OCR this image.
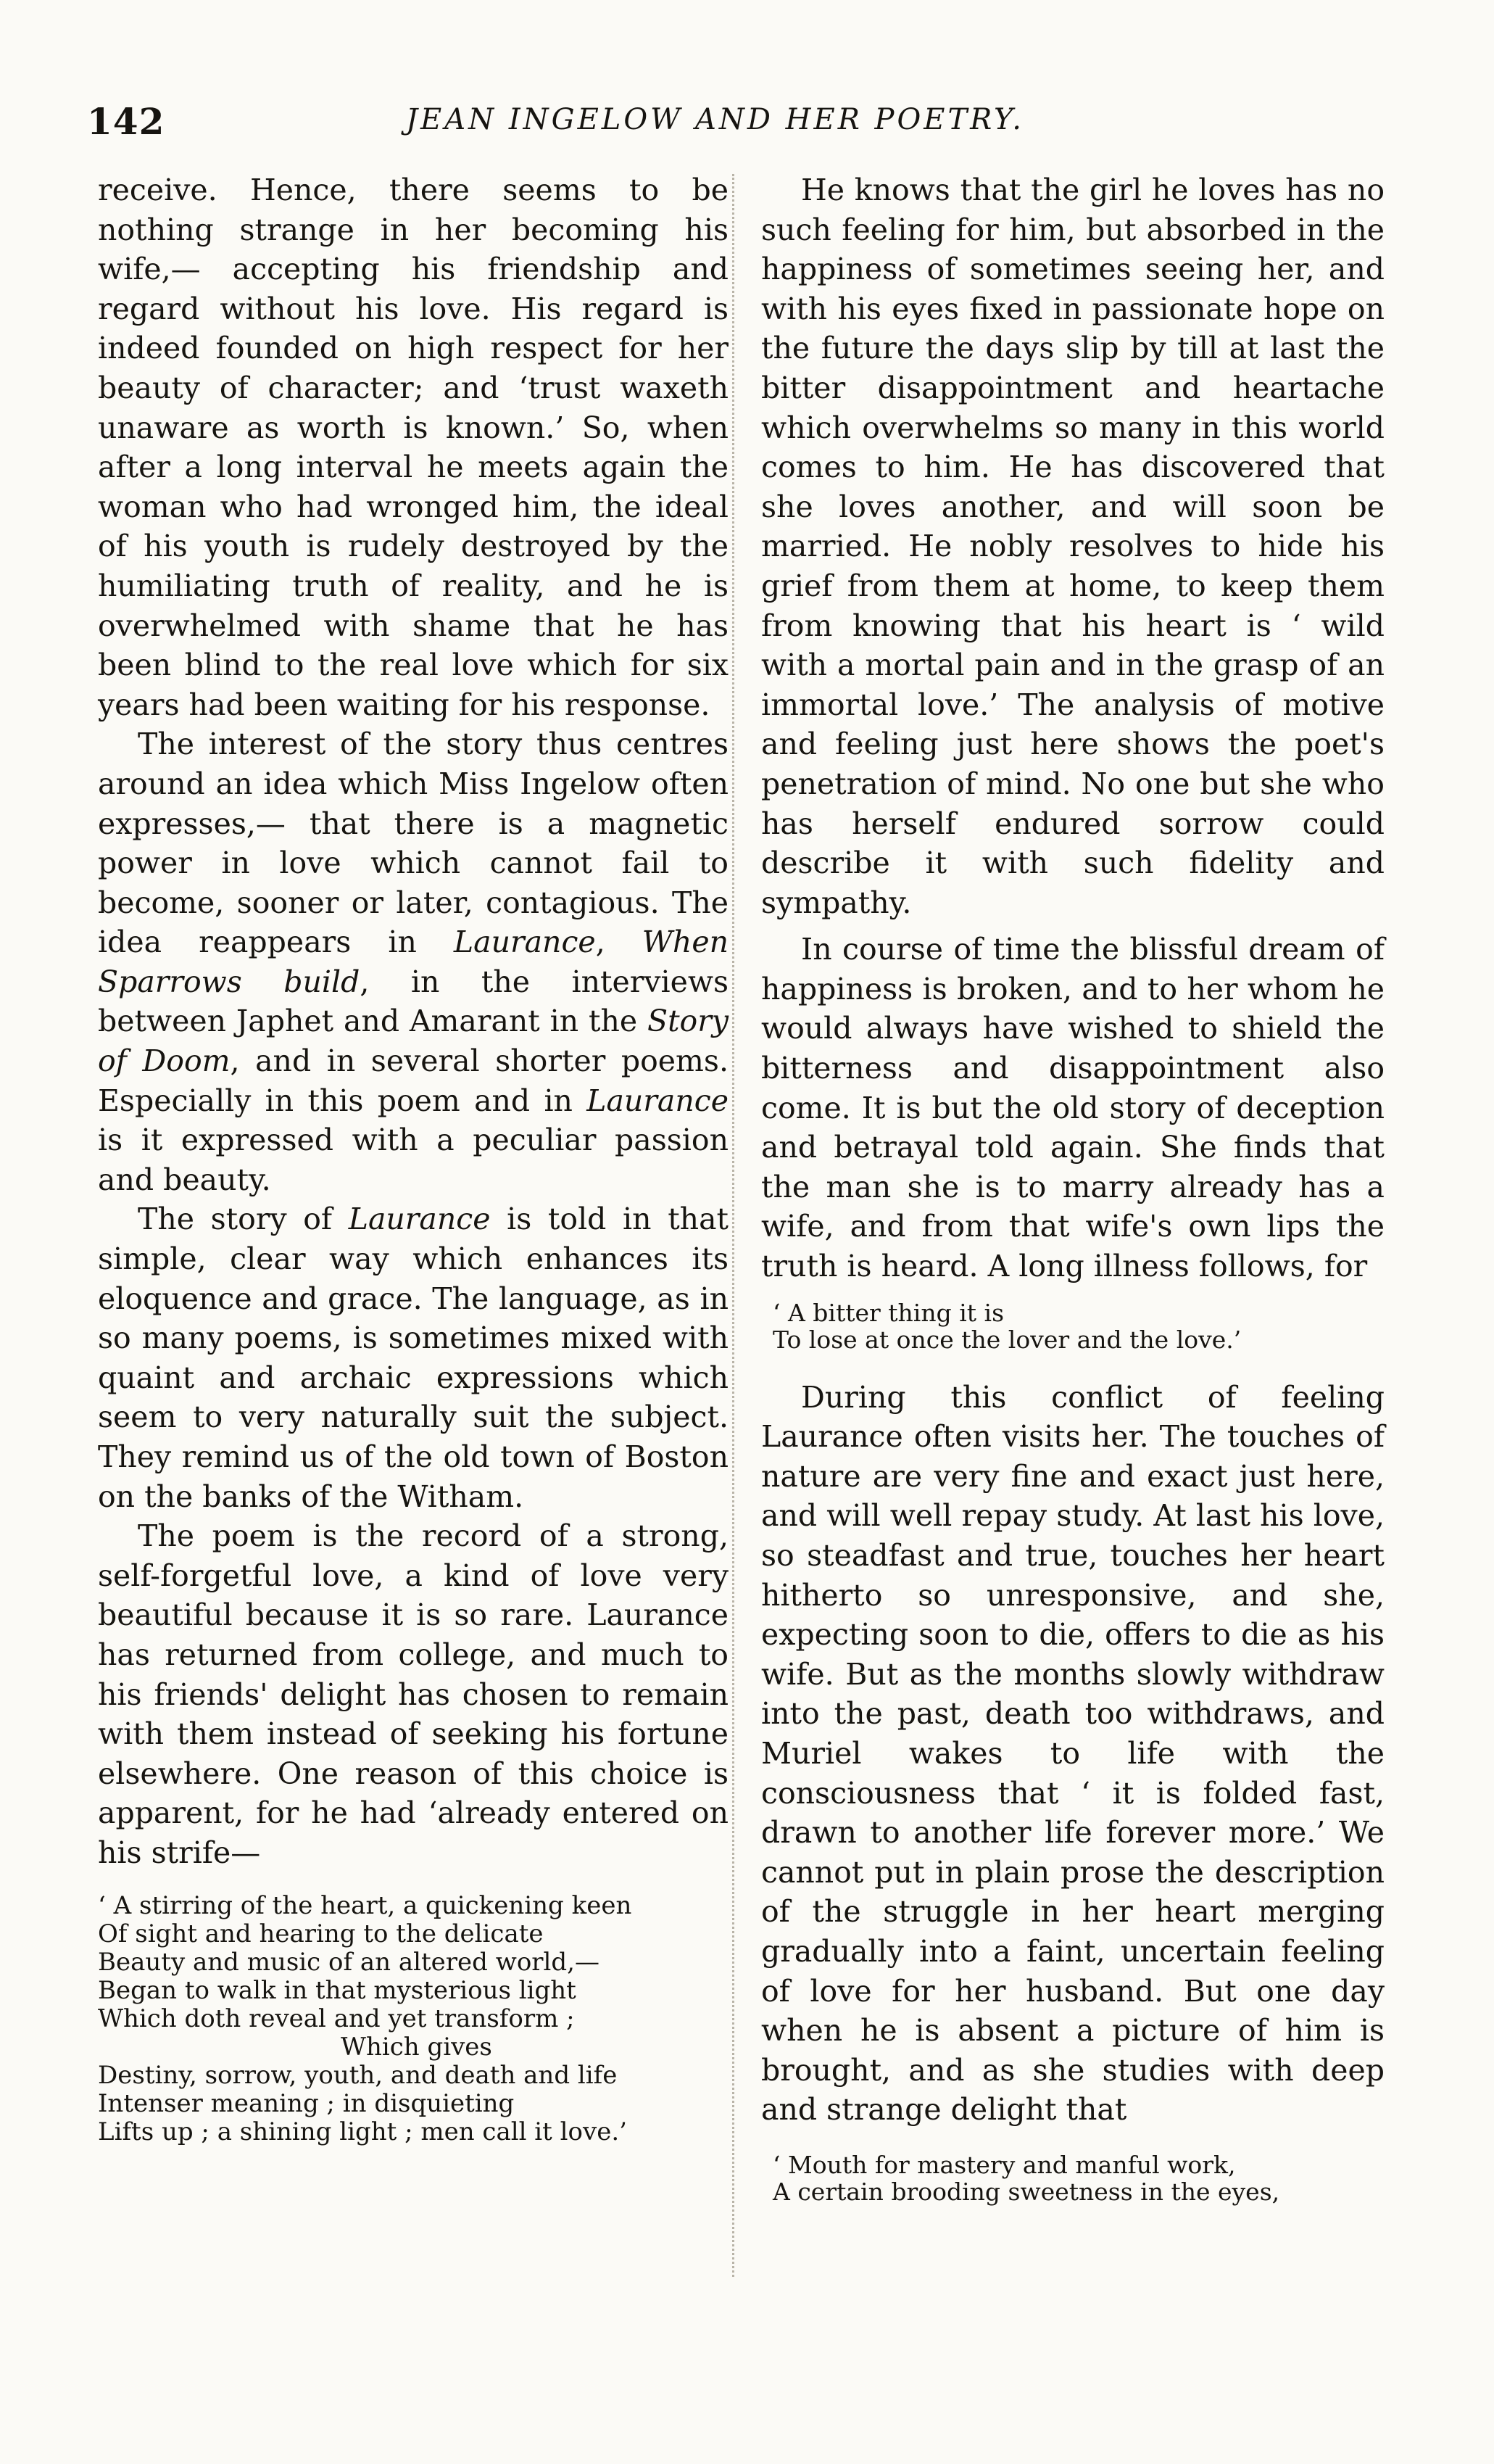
142	JEAN INGELOW AND HER POETRY.

receive. Hence, there seems to be nothing strange in her becoming his wife,— accepting his friendship and regard without his love. His regard is indeed founded on high respect for her beauty of character; and ‘trust waxeth unaware as worth is known.’ So, when after a long interval he meets again the woman who had wronged him, the ideal of his youth is rudely destroyed by the humiliating truth of reality, and he is overwhelmed with shame that he has been blind to the real love which for six years had been waiting for his response.

The interest of the story thus centres around an idea which Miss Ingelow often expresses,— that there is a magnetic power in love which cannot fail to become, sooner or later, contagious. The idea reappears in Laurance, When Sparrows build, in the interviews between Japhet and Amarant in the Story of Doom, and in several shorter poems. Especially in this poem and in Laurance is it expressed with a peculiar passion and beauty.

The story of Laurance is told in that simple, clear way which enhances its eloquence and grace. The language, as in so many poems, is sometimes mixed with quaint and archaic expressions which seem to very naturally suit the subject. They remind us of the old town of Boston on the banks of the Witham.

The poem is the record of a strong, self-forgetful love, a kind of love very beautiful because it is so rare. Laurance has returned from college, and much to his friends' delight has chosen to remain with them instead of seeking his fortune elsewhere. One reason of this choice is apparent, for he had ‘already entered on his strife—

‘ A stirring of the heart, a quickening keen
Of sight and hearing to the delicate
Beauty and music of an altered world,—
Began to walk in that mysterious light
Which doth reveal and yet transform ;
Which gives
Destiny, sorrow, youth, and death and life
Intenser meaning ; in disquieting
Lifts up ; a shining light ; men call it love.’

He knows that the girl he loves has no such feeling for him, but absorbed in the happiness of sometimes seeing her, and with his eyes fixed in passionate hope on the future the days slip by till at last the bitter disappointment and heartache which overwhelms so many in this world comes to him. He has discovered that she loves another, and will soon be married. He nobly resolves to hide his grief from them at home, to keep them from knowing that his heart is ‘ wild with a mortal pain and in the grasp of an immortal love.’ The analysis of motive and feeling just here shows the poet's penetration of mind. No one but she who has herself endured sorrow could describe it with such fidelity and sympathy.

In course of time the blissful dream of happiness is broken, and to her whom he would always have wished to shield the bitterness and disappointment also come. It is but the old story of deception and betrayal told again. She finds that the man she is to marry already has a wife, and from that wife's own lips the truth is heard. A long illness follows, for

‘ A bitter thing it is
To lose at once the lover and the love.’

During this conflict of feeling Laurance often visits her. The touches of nature are very fine and exact just here, and will well repay study. At last his love, so steadfast and true, touches her heart hitherto so unresponsive, and she, expecting soon to die, offers to die as his wife. But as the months slowly withdraw into the past, death too withdraws, and Muriel wakes to life with the consciousness that ‘ it is folded fast, drawn to another life forever more.’ We cannot put in plain prose the description of the struggle in her heart merging gradually into a faint, uncertain feeling of love for her husband. But one day when he is absent a picture of him is brought, and as she studies with deep and strange delight that

‘ Mouth for mastery and manful work,
A certain brooding sweetness in the eyes,
